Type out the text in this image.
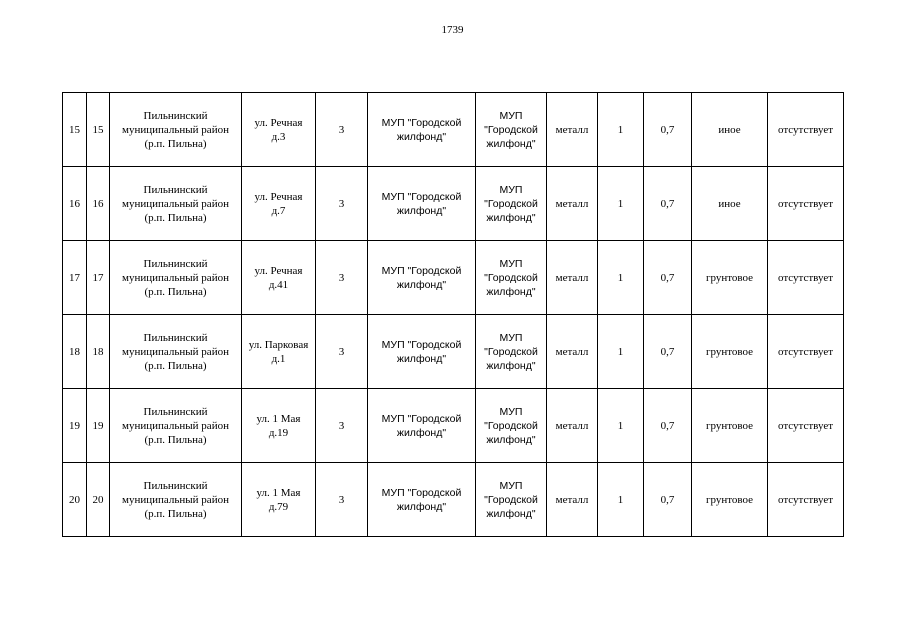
1739
15	15	Пильнинский
муниципальный район
(р.п. Пильна)	ул. Речная
д.3	3	МУП "Городской
жилфонд"	МУП
"Городской
жилфонд"	металл	1	0,7	иное	отсутствует
16	16	Пильнинский
муниципальный район
(р.п. Пильна)	ул. Речная
д.7	3	МУП "Городской
жилфонд"	МУП
"Городской
жилфонд"	металл	1	0,7	иное	отсутствует
17	17	Пильнинский
муниципальный район
(р.п. Пильна)	ул. Речная
д.41	3	МУП "Городской
жилфонд"	МУП
"Городской
жилфонд"	металл	1	0,7	грунтовое	отсутствует
18	18	Пильнинский
муниципальный район
(р.п. Пильна)	ул. Парковая
д.1	3	МУП "Городской
жилфонд"	МУП
"Городской
жилфонд"	металл	1	0,7	грунтовое	отсутствует
19	19	Пильнинский
муниципальный район
(р.п. Пильна)	ул. 1 Мая
д.19	3	МУП "Городской
жилфонд"	МУП
"Городской
жилфонд"	металл	1	0,7	грунтовое	отсутствует
20	20	Пильнинский
муниципальный район
(р.п. Пильна)	ул. 1 Мая
д.79	3	МУП "Городской
жилфонд"	МУП
"Городской
жилфонд"	металл	1	0,7	грунтовое	отсутствует
